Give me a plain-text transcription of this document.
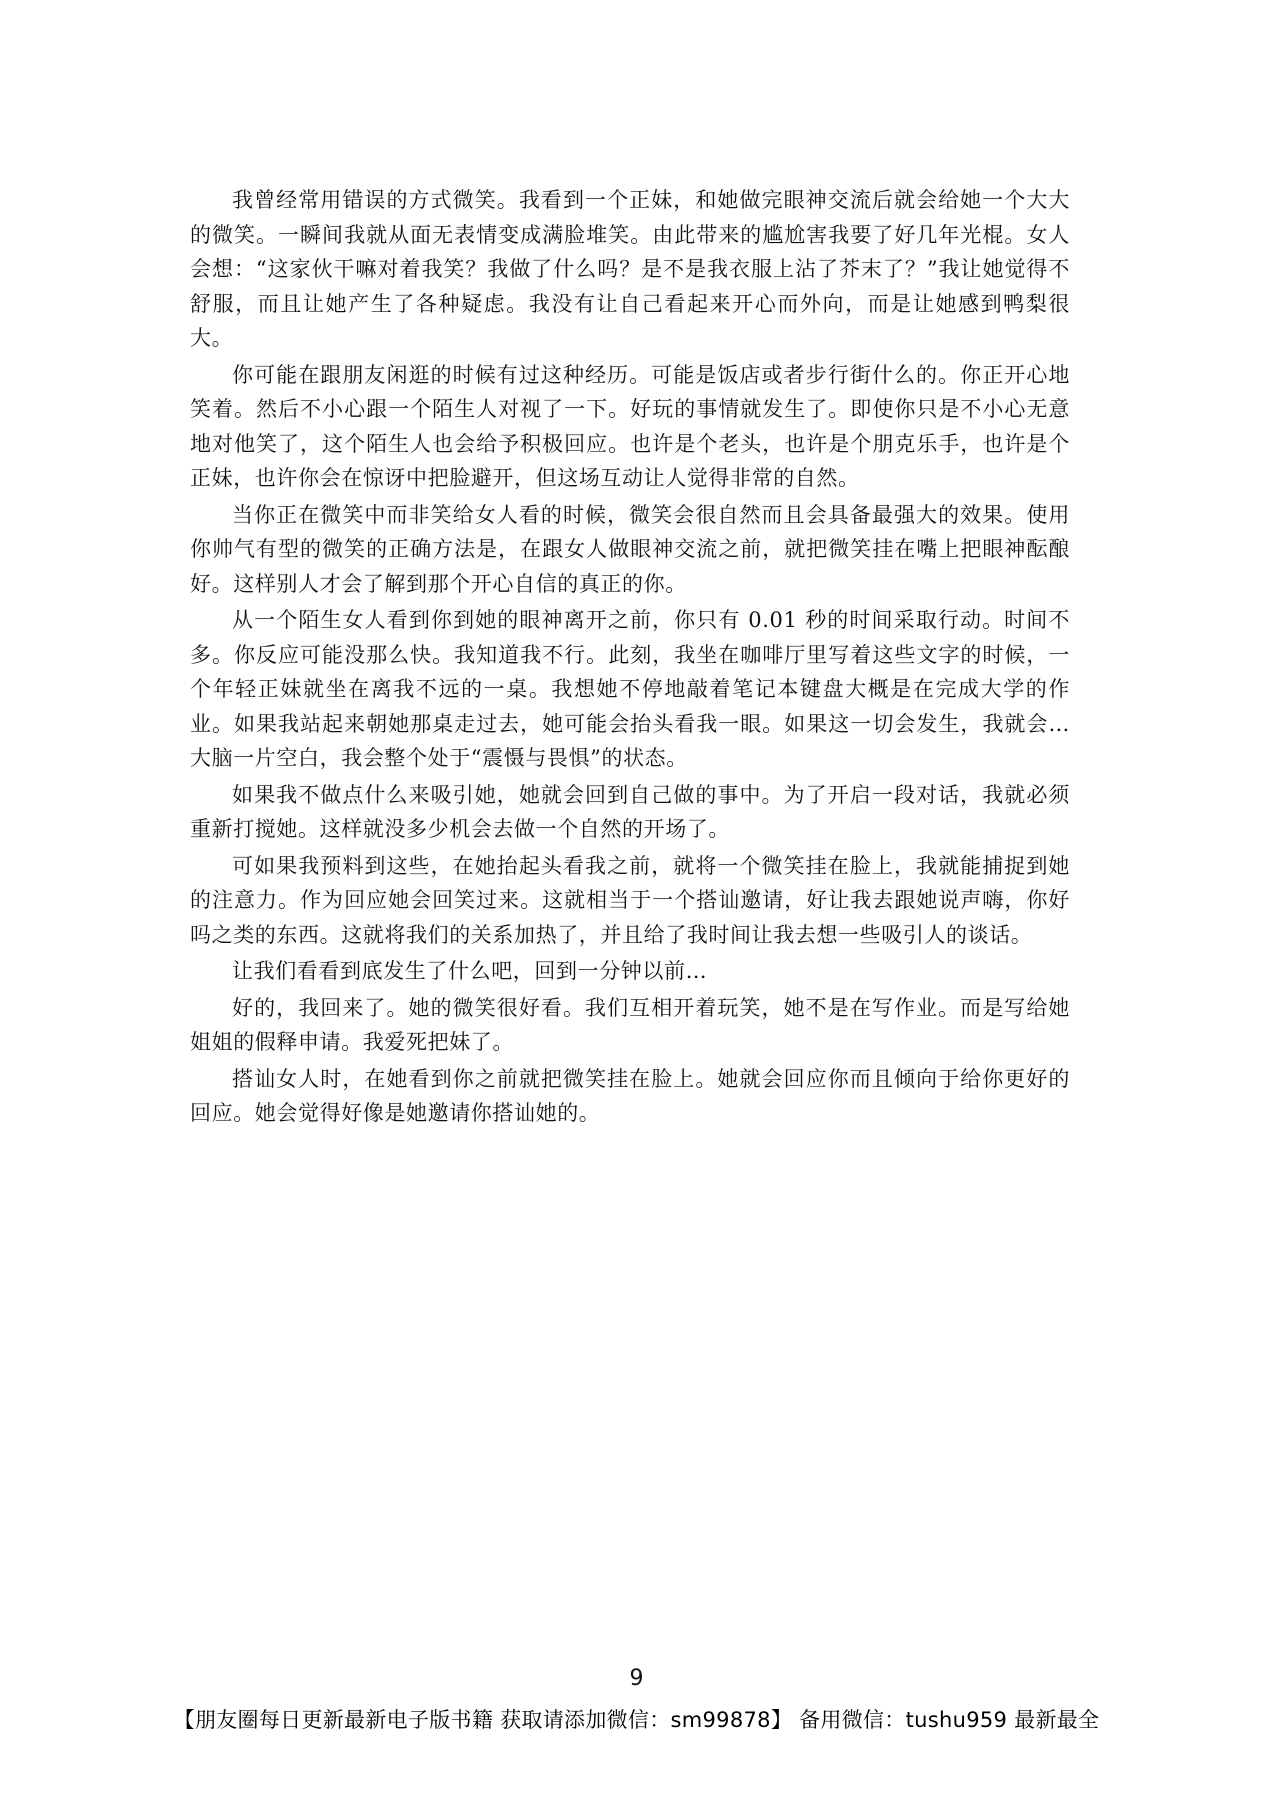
我曾经常用错误的方式微笑。我看到一个正妹，和她做完眼神交流后就会给她一个大大的微笑。一瞬间我就从面无表情变成满脸堆笑。由此带来的尴尬害我要了好几年光棍。女人会想：“这家伙干嘛对着我笑？我做了什么吗？是不是我衣服上沾了芥末了？”我让她觉得不舒服，而且让她产生了各种疑虑。我没有让自己看起来开心而外向，而是让她感到鸭梨很大。

你可能在跟朋友闲逛的时候有过这种经历。可能是饭店或者步行街什么的。你正开心地笑着。然后不小心跟一个陌生人对视了一下。好玩的事情就发生了。即使你只是不小心无意地对他笑了，这个陌生人也会给予积极回应。也许是个老头，也许是个朋克乐手，也许是个正妹，也许你会在惊讶中把脸避开，但这场互动让人觉得非常的自然。

当你正在微笑中而非笑给女人看的时候，微笑会很自然而且会具备最强大的效果。使用你帅气有型的微笑的正确方法是，在跟女人做眼神交流之前，就把微笑挂在嘴上把眼神酝酿好。这样别人才会了解到那个开心自信的真正的你。

从一个陌生女人看到你到她的眼神离开之前，你只有 0.01 秒的时间采取行动。时间不多。你反应可能没那么快。我知道我不行。此刻，我坐在咖啡厅里写着这些文字的时候，一个年轻正妹就坐在离我不远的一桌。我想她不停地敲着笔记本键盘大概是在完成大学的作业。如果我站起来朝她那桌走过去，她可能会抬头看我一眼。如果这一切会发生，我就会…大脑一片空白，我会整个处于“震慑与畏惧”的状态。

如果我不做点什么来吸引她，她就会回到自己做的事中。为了开启一段对话，我就必须重新打搅她。这样就没多少机会去做一个自然的开场了。

可如果我预料到这些，在她抬起头看我之前，就将一个微笑挂在脸上，我就能捕捉到她的注意力。作为回应她会回笑过来。这就相当于一个搭讪邀请，好让我去跟她说声嗨，你好吗之类的东西。这就将我们的关系加热了，并且给了我时间让我去想一些吸引人的谈话。

让我们看看到底发生了什么吧，回到一分钟以前…

好的，我回来了。她的微笑很好看。我们互相开着玩笑，她不是在写作业。而是写给她姐姐的假释申请。我爱死把妹了。

搭讪女人时，在她看到你之前就把微笑挂在脸上。她就会回应你而且倾向于给你更好的回应。她会觉得好像是她邀请你搭讪她的。

9
【朋友圈每日更新最新电子版书籍 获取请添加微信：sm99878】 备用微信：tushu959 最新最全
